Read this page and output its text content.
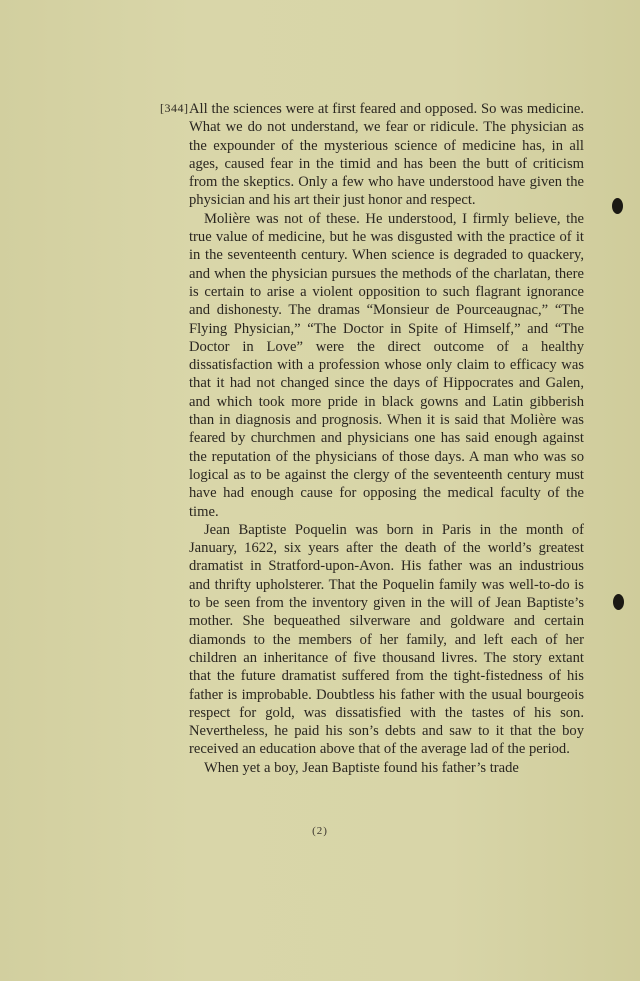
[344] All the sciences were at first feared and opposed. So was medicine. What we do not understand, we fear or ridicule. The physician as the expounder of the mysterious science of medicine has, in all ages, caused fear in the timid and has been the butt of criticism from the skeptics. Only a few who have understood have given the physician and his art their just honor and respect.

Molière was not of these. He understood, I firmly believe, the true value of medicine, but he was disgusted with the practice of it in the seventeenth century. When science is degraded to quackery, and when the physician pursues the methods of the charlatan, there is certain to arise a violent opposition to such flagrant ignorance and dishonesty. The dramas “Monsieur de Pourceaugnac,” “The Flying Physician,” “The Doctor in Spite of Himself,” and “The Doctor in Love” were the direct outcome of a healthy dissatisfaction with a profession whose only claim to efficacy was that it had not changed since the days of Hippocrates and Galen, and which took more pride in black gowns and Latin gibberish than in diagnosis and prognosis. When it is said that Molière was feared by churchmen and physicians one has said enough against the reputation of the physicians of those days. A man who was so logical as to be against the clergy of the seventeenth century must have had enough cause for opposing the medical faculty of the time.

Jean Baptiste Poquelin was born in Paris in the month of January, 1622, six years after the death of the world’s greatest dramatist in Stratford-upon-Avon. His father was an industrious and thrifty upholsterer. That the Poquelin family was well-to-do is to be seen from the inventory given in the will of Jean Baptiste’s mother. She bequeathed silverware and goldware and certain diamonds to the members of her family, and left each of her children an inheritance of five thousand livres. The story extant that the future dramatist suffered from the tight-fistedness of his father is improbable. Doubtless his father with the usual bourgeois respect for gold, was dissatisfied with the tastes of his son. Nevertheless, he paid his son’s debts and saw to it that the boy received an education above that of the average lad of the period.

When yet a boy, Jean Baptiste found his father’s trade

(2)
